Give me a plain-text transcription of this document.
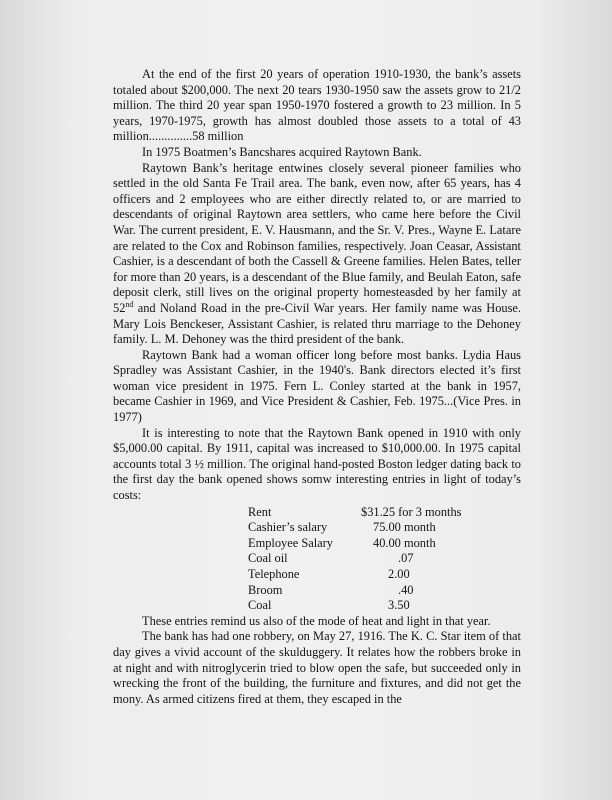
At the end of the first 20 years of operation 1910-1930, the bank’s assets totaled about $200,000. The next 20 tears 1930-1950 saw the assets grow to 21/2 million. The third 20 year span 1950-1970 fostered a growth to 23 million. In 5 years, 1970-1975, growth has almost doubled those assets to a total of 43 million..............58 million

In 1975 Boatmen’s Bancshares acquired Raytown Bank.

Raytown Bank’s heritage entwines closely several pioneer families who settled in the old Santa Fe Trail area. The bank, even now, after 65 years, has 4 officers and 2 employees who are either directly related to, or are married to descendants of original Raytown area settlers, who came here before the Civil War. The current president, E. V. Hausmann, and the Sr. V. Pres., Wayne E. Latare are related to the Cox and Robinson families, respectively. Joan Ceasar, Assistant Cashier, is a descendant of both the Cassell & Greene families. Helen Bates, teller for more than 20 years, is a descendant of the Blue family, and Beulah Eaton, safe deposit clerk, still lives on the original property homesteasded by her family at 52nd and Noland Road in the pre-Civil War years. Her family name was House. Mary Lois Benckeser, Assistant Cashier, is related thru marriage to the Dehoney family. L. M. Dehoney was the third president of the bank.

Raytown Bank had a woman officer long before most banks. Lydia Haus Spradley was Assistant Cashier, in the 1940's. Bank directors elected it’s first woman vice president in 1975. Fern L. Conley started at the bank in 1957, became Cashier in 1969, and Vice President & Cashier, Feb. 1975...(Vice Pres. in 1977)

It is interesting to note that the Raytown Bank opened in 1910 with only $5,000.00 capital. By 1911, capital was increased to $10,000.00. In 1975 capital accounts total 3 ½ million. The original hand-posted Boston ledger dating back to the first day the bank opened shows somw interesting entries in light of today’s costs:

Rent	$31.25 for 3 months
Cashier’s salary	75.00 month
Employee Salary	40.00 month
Coal oil	.07
Telephone	2.00
Broom	.40
Coal	3.50

These entries remind us also of the mode of heat and light in that year.

The bank has had one robbery, on May 27, 1916. The K. C. Star item of that day gives a vivid account of the skulduggery. It relates how the robbers broke in at night and with nitroglycerin tried to blow open the safe, but succeeded only in wrecking the front of the building, the furniture and fixtures, and did not get the mony. As armed citizens fired at them, they escaped in the
